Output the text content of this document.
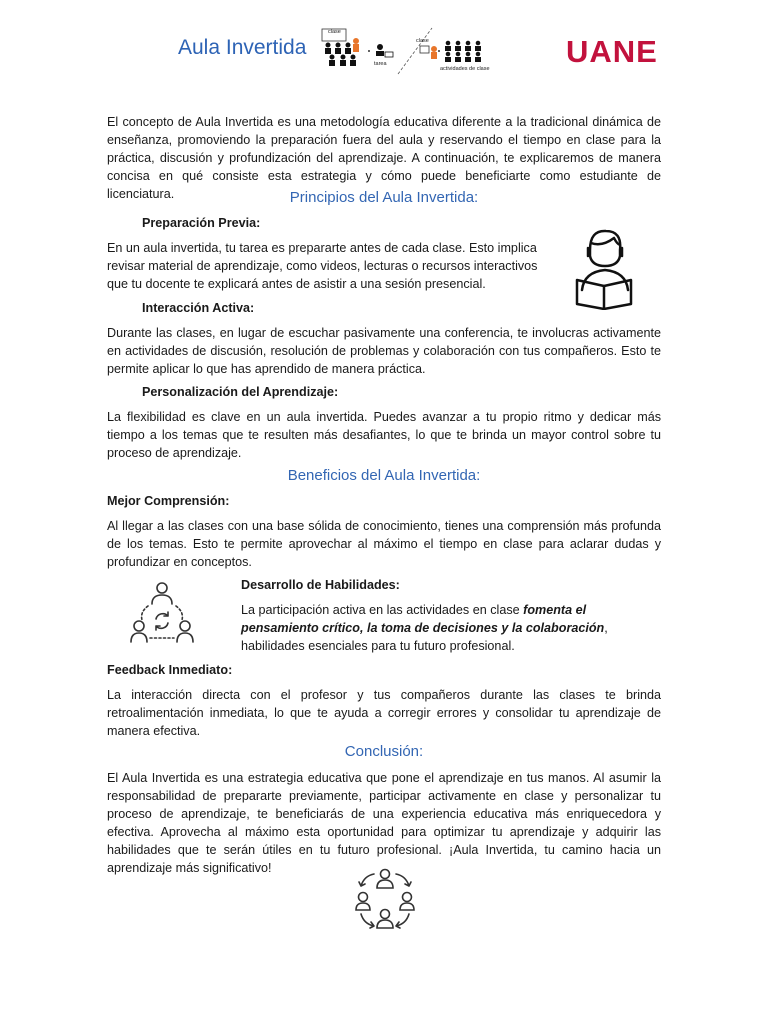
Aula Invertida
clase
tarea
clase
actividades de clase UANE

El concepto de Aula Invertida es una metodología educativa diferente a la tradicional dinámica de enseñanza, promoviendo la preparación fuera del aula y reservando el tiempo en clase para la práctica, discusión y profundización del aprendizaje. A continuación, te explicaremos de manera concisa en qué consiste esta estrategia y cómo puede beneficiarte como estudiante de licenciatura.	Principios del Aula Invertida:
Preparación Previa:

En un aula invertida, tu tarea es prepararte antes de cada clase. Esto implica revisar material de aprendizaje, como videos, lecturas o recursos interactivos que tu docente te explicará antes de asistir a una sesión presencial.

Interacción Activa:

Durante las clases, en lugar de escuchar pasivamente una conferencia, te involucras activamente en actividades de discusión, resolución de problemas y colaboración con tus compañeros. Esto te permite aplicar lo que has aprendido de manera práctica.

Personalización del Aprendizaje:

La flexibilidad es clave en un aula invertida. Puedes avanzar a tu propio ritmo y dedicar más tiempo a los temas que te resulten más desafiantes, lo que te brinda un mayor control sobre tu proceso de aprendizaje.

Beneficios del Aula Invertida:
Mejor Comprensión:

Al llegar a las clases con una base sólida de conocimiento, tienes una comprensión más profunda de los temas. Esto te permite aprovechar al máximo el tiempo en clase para aclarar dudas y profundizar en conceptos.

Desarrollo de Habilidades:

La participación activa en las actividades en clase fomenta el pensamiento crítico, la toma de decisiones y la colaboración, habilidades esenciales para tu futuro profesional.

Feedback Inmediato:

La interacción directa con el profesor y tus compañeros durante las clases te brinda retroalimentación inmediata, lo que te ayuda a corregir errores y consolidar tu aprendizaje de manera efectiva.

Conclusión:

El Aula Invertida es una estrategia educativa que pone el aprendizaje en tus manos. Al asumir la responsabilidad de prepararte previamente, participar activamente en clase y personalizar tu proceso de aprendizaje, te beneficiarás de una experiencia educativa más enriquecedora y efectiva. Aprovecha al máximo esta oportunidad para optimizar tu aprendizaje y adquirir las habilidades que te serán útiles en tu futuro profesional. ¡Aula Invertida, tu camino hacia un aprendizaje más significativo!
